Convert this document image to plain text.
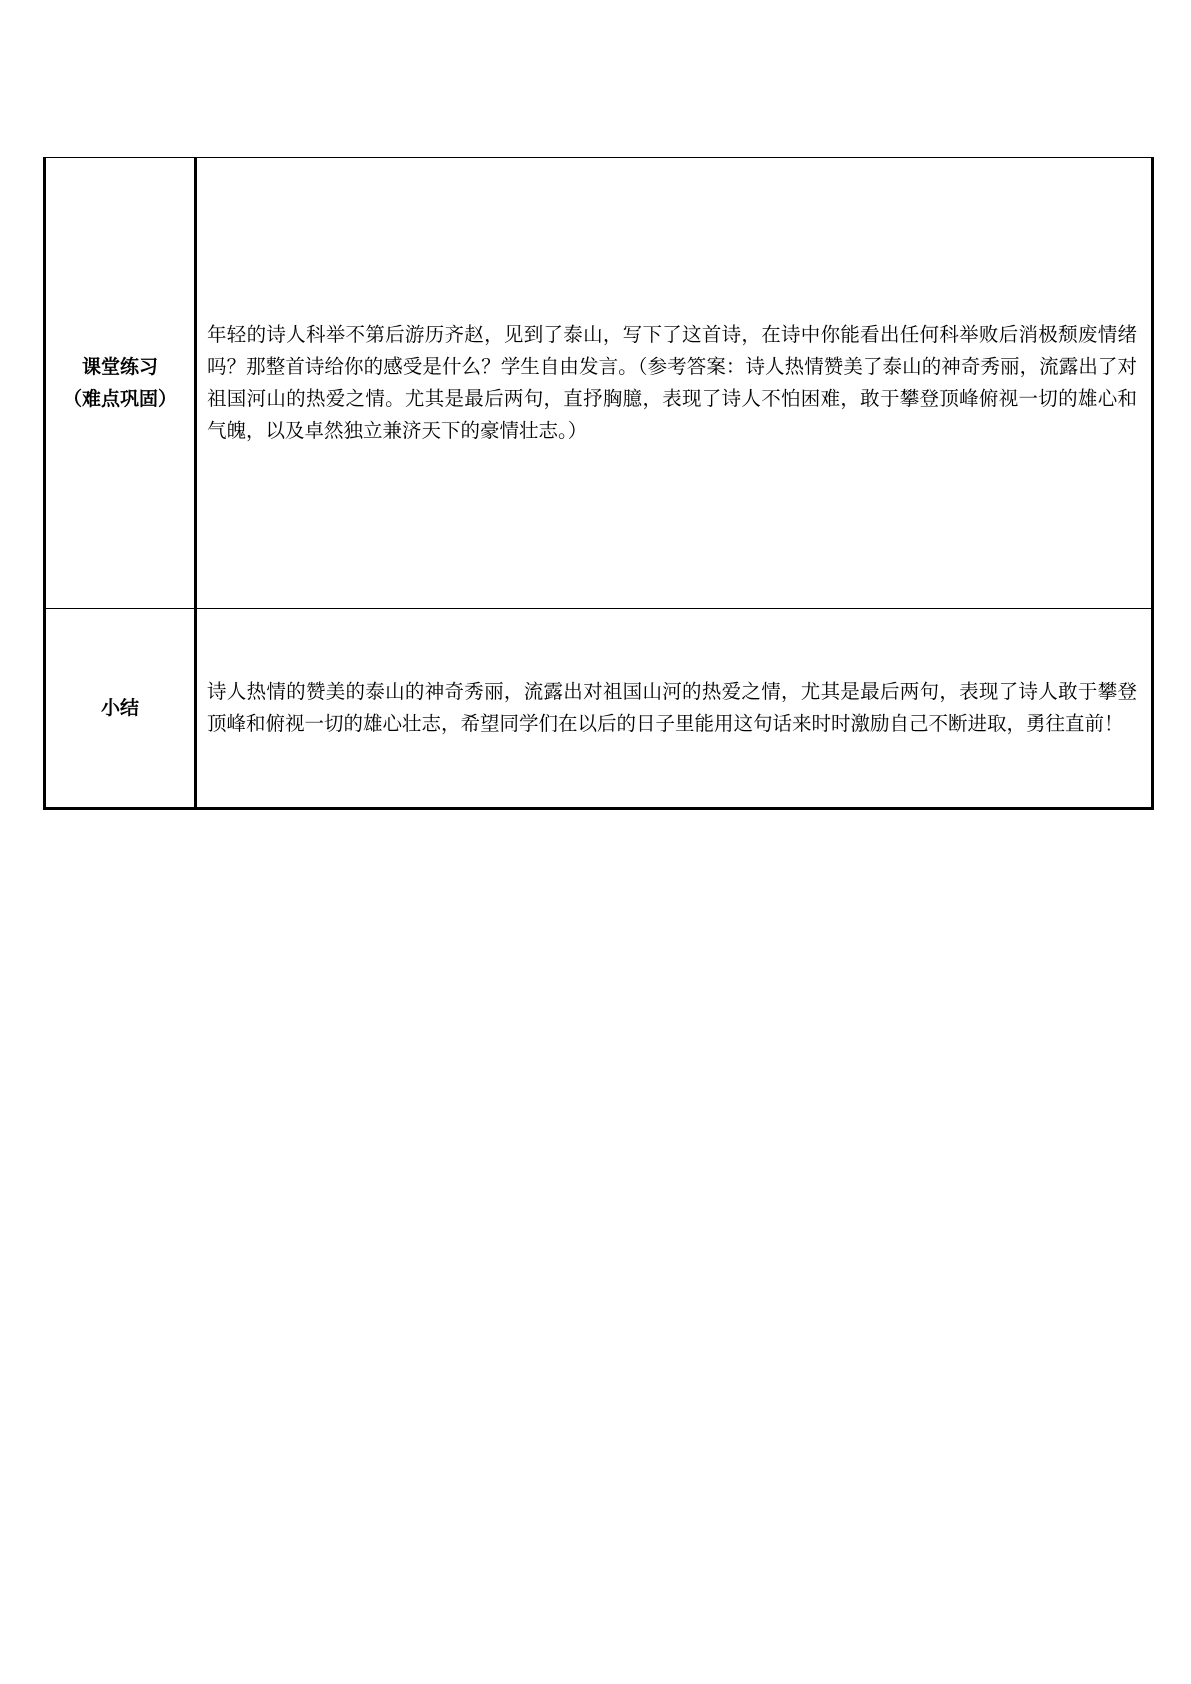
课堂练习
（难点巩固）	年轻的诗人科举不第后游历齐赵，见到了泰山，写下了这首诗，在诗中你能看出任何科举败后消极颓废情绪吗？那整首诗给你的感受是什么？学生自由发言。（参考答案：诗人热情赞美了泰山的神奇秀丽，流露出了对祖国河山的热爱之情。尤其是最后两句，直抒胸臆，表现了诗人不怕困难，敢于攀登顶峰俯视一切的雄心和气魄，以及卓然独立兼济天下的豪情壮志。）

小结	诗人热情的赞美的泰山的神奇秀丽，流露出对祖国山河的热爱之情，尤其是最后两句，表现了诗人敢于攀登顶峰和俯视一切的雄心壮志，希望同学们在以后的日子里能用这句话来时时激励自己不断进取，勇往直前！
